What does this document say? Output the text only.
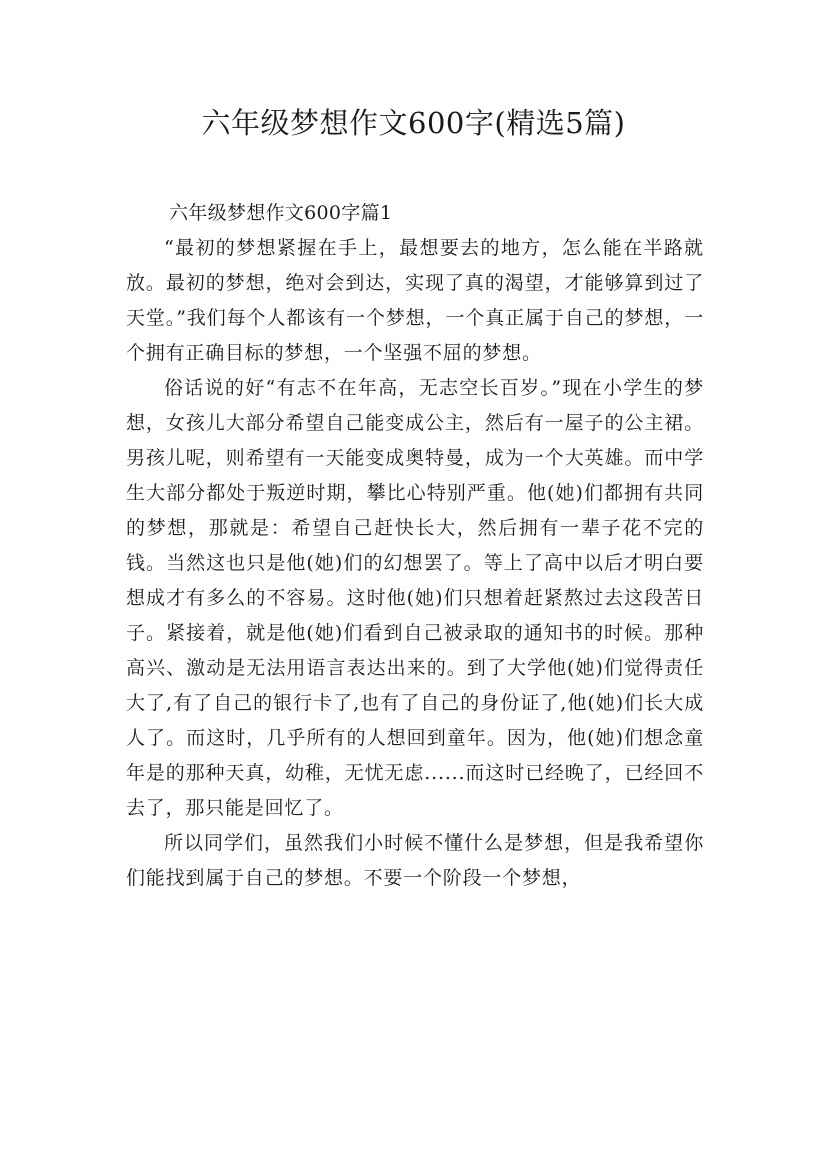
六年级梦想作文600字(精选5篇)
六年级梦想作文600字篇1

“最初的梦想紧握在手上，最想要去的地方，怎么能在半路就放。最初的梦想，绝对会到达，实现了真的渴望，才能够算到过了天堂。”我们每个人都该有一个梦想，一个真正属于自己的梦想，一个拥有正确目标的梦想，一个坚强不屈的梦想。

俗话说的好“有志不在年高，无志空长百岁。”现在小学生的梦想，女孩儿大部分希望自己能变成公主，然后有一屋子的公主裙。男孩儿呢，则希望有一天能变成奥特曼，成为一个大英雄。而中学生大部分都处于叛逆时期，攀比心特别严重。他(她)们都拥有共同的梦想，那就是：希望自己赶快长大，然后拥有一辈子花不完的钱。当然这也只是他(她)们的幻想罢了。等上了高中以后才明白要想成才有多么的不容易。这时他(她)们只想着赶紧熬过去这段苦日子。紧接着，就是他(她)们看到自己被录取的通知书的时候。那种高兴、激动是无法用语言表达出来的。到了大学他(她)们觉得责任大了,有了自己的银行卡了,也有了自己的身份证了,他(她)们长大成人了。而这时，几乎所有的人想回到童年。因为，他(她)们想念童年是的那种天真，幼稚，无忧无虑......而这时已经晚了，已经回不去了，那只能是回忆了。

所以同学们，虽然我们小时候不懂什么是梦想，但是我希望你们能找到属于自己的梦想。不要一个阶段一个梦想，
